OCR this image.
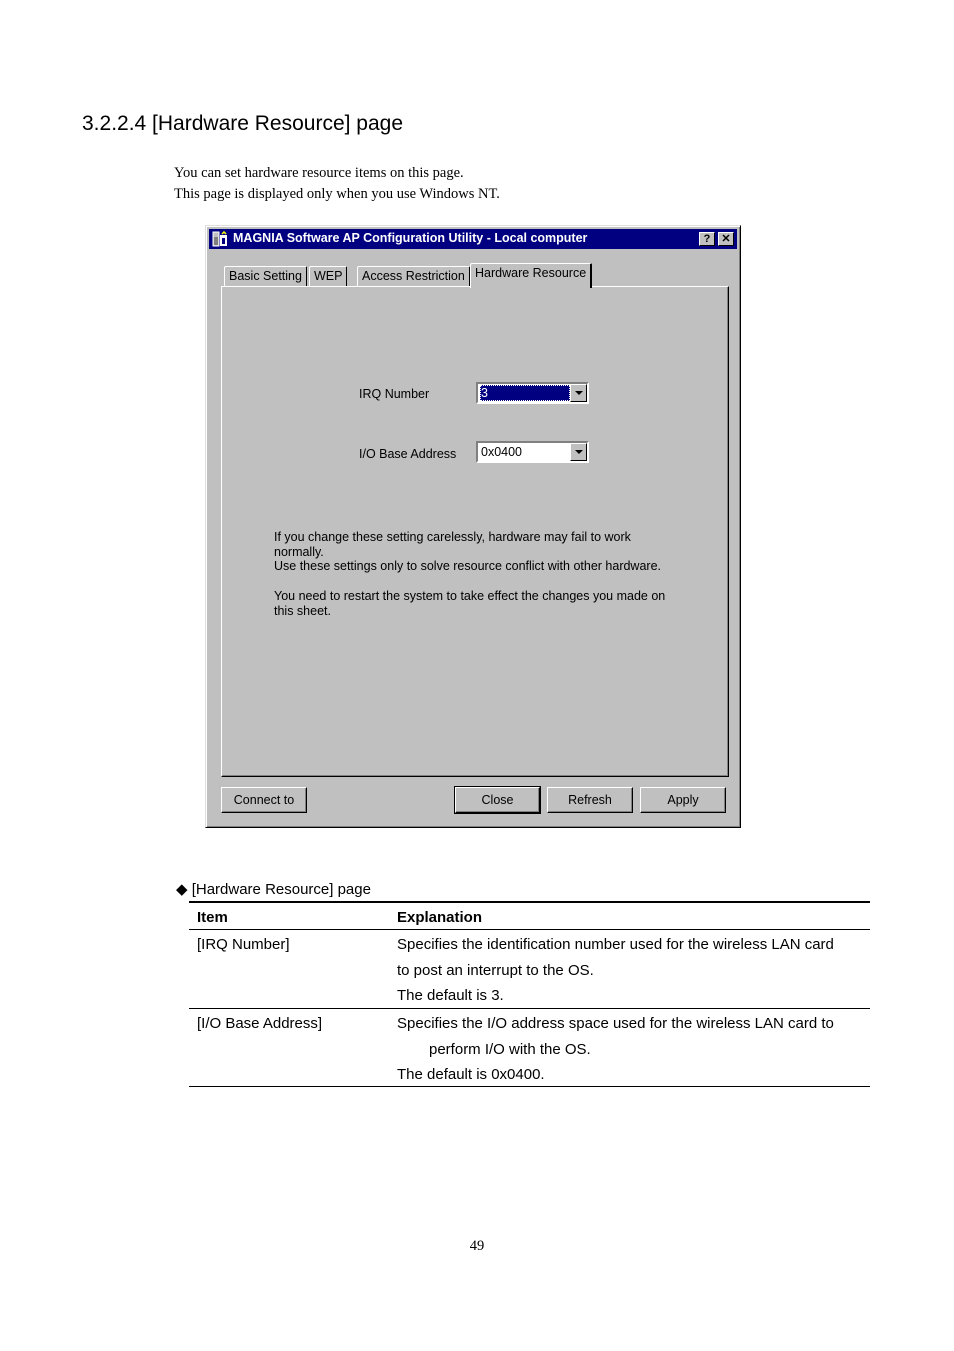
3.2.2.4 [Hardware Resource] page
You can set hardware resource items on this page.
This page is displayed only when you use Windows NT.
MAGNIA Software AP Configuration Utility - Local computer	?	✕
Basic Setting WEP	Access Restriction Hardware Resource
IRQ Number	3
I/O Base Address 0x0400
If you change these setting carelessly, hardware may fail to work normally.
Use these settings only to solve resource conflict with other hardware.
You need to restart the system to take effect the changes you made on this sheet.
Connect to	Close	Refresh	Apply
◆ [Hardware Resource] page
Item	Explanation
[IRQ Number]	Specifies the identification number used for the wireless LAN card
to post an interrupt to the OS.
The default is 3.
[I/O Base Address]	Specifies the I/O address space used for the wireless LAN card to
perform I/O with the OS.
The default is 0x0400.
49
